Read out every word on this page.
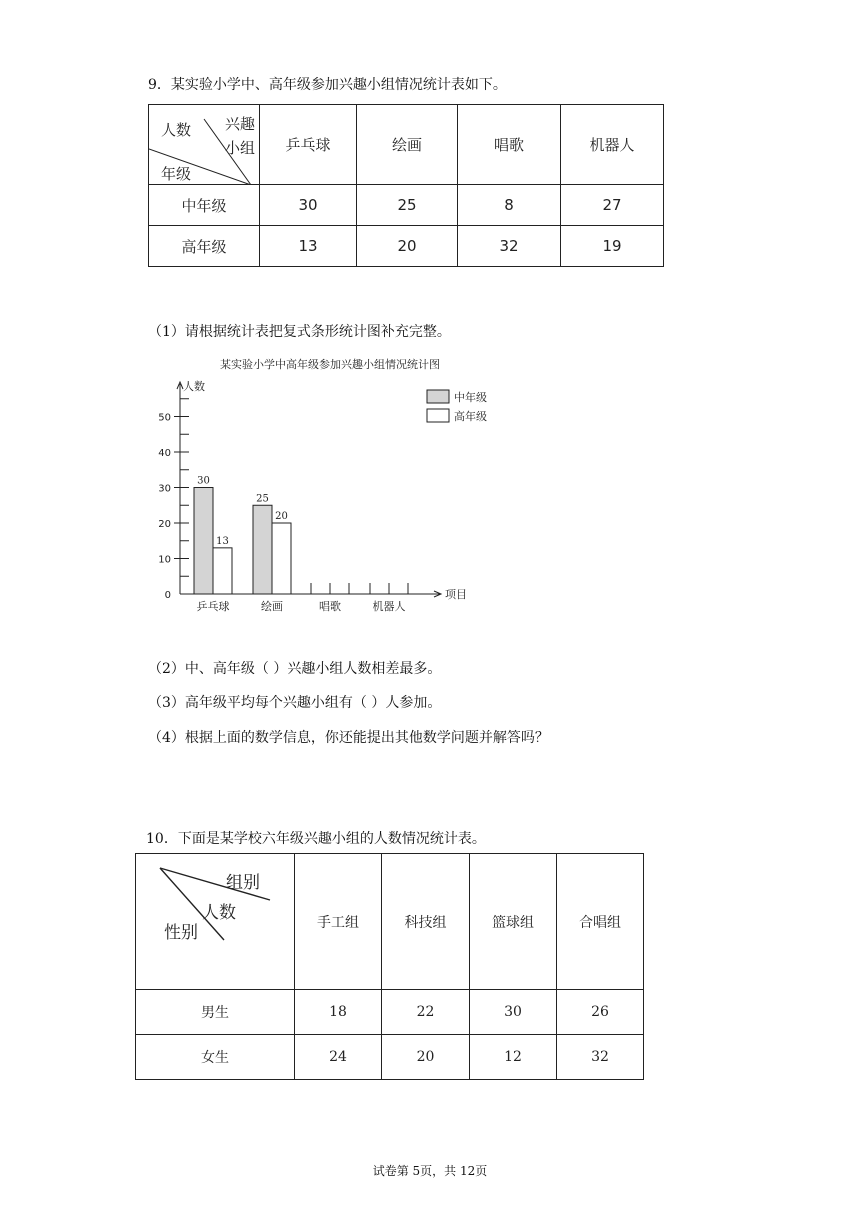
9．某实验小学中、高年级参加兴趣小组情况统计表如下。
人数 兴趣
小组
年级	乒乓球	绘画	唱歌	机器人
中年级	30	25	8	27
高年级	13	20	32	19
（1）请根据统计表把复式条形统计图补充完整。
某实验小学中高年级参加兴趣小组情况统计图
人数
0
10
20
30
40
50
项目
乒乓球
30
13
绘画
25
20
唱歌	机器人
中年级
高年级
（2）中、高年级（ ）兴趣小组人数相差最多。
（3）高年级平均每个兴趣小组有（ ）人参加。
（4）根据上面的数学信息，你还能提出其他数学问题并解答吗？
10．下面是某学校六年级兴趣小组的人数情况统计表。
组别
人数
性别	手工组	科技组	篮球组	合唱组
男生	18	22	30	26
女生	24	20	12	32
试卷第 5页，共 12页
